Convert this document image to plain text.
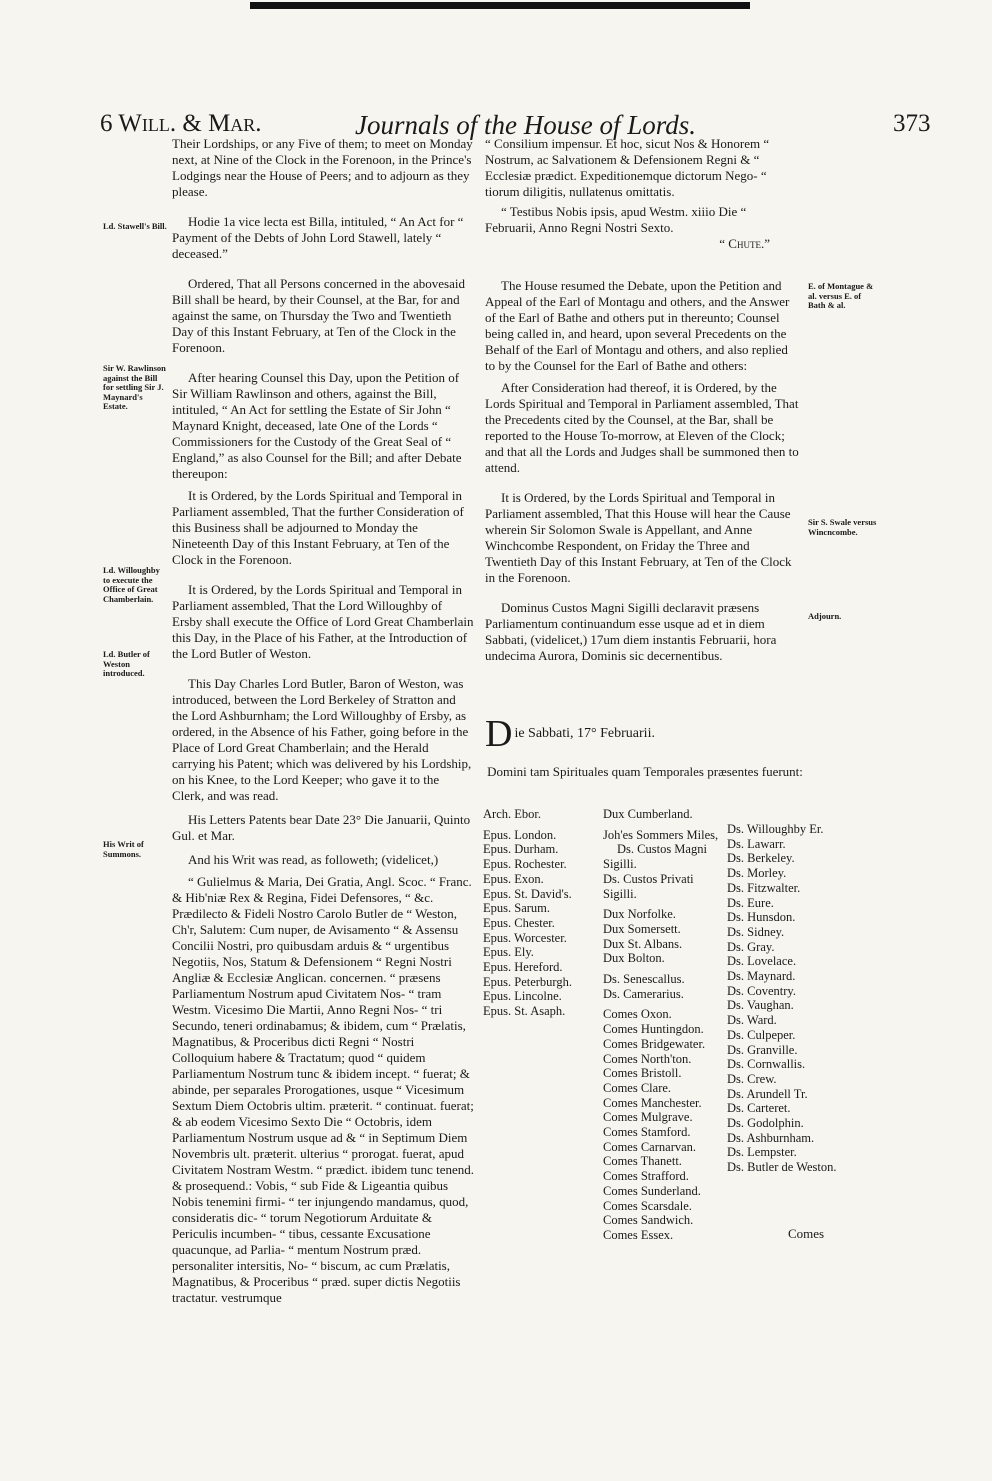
6 Will. & Mar.	Journals of the House of Lords.	373

Their Lordships, or any Five of them; to meet on Monday next, at Nine of the Clock in the Forenoon, in the Prince's Lodgings near the House of Peers; and to adjourn as they please.

Hodie 1a vice lecta est Billa, intituled, “ An Act for “ Payment of the Debts of John Lord Stawell, lately “ deceased.”

Ordered, That all Persons concerned in the abovesaid Bill shall be heard, by their Counsel, at the Bar, for and against the same, on Thursday the Two and Twentieth Day of this Instant February, at Ten of the Clock in the Forenoon.

After hearing Counsel this Day, upon the Petition of Sir William Rawlinson and others, against the Bill, intituled, “ An Act for settling the Estate of Sir John “ Maynard Knight, deceased, late One of the Lords “ Commissioners for the Custody of the Great Seal of “ England,” as also Counsel for the Bill; and after Debate thereupon:

It is Ordered, by the Lords Spiritual and Temporal in Parliament assembled, That the further Consideration of this Business shall be adjourned to Monday the Nineteenth Day of this Instant February, at Ten of the Clock in the Forenoon.

It is Ordered, by the Lords Spiritual and Temporal in Parliament assembled, That the Lord Willoughby of Ersby shall execute the Office of Lord Great Chamberlain this Day, in the Place of his Father, at the Introduction of the Lord Butler of Weston.

This Day Charles Lord Butler, Baron of Weston, was introduced, between the Lord Berkeley of Stratton and the Lord Ashburnham; the Lord Willoughby of Ersby, as ordered, in the Absence of his Father, going before in the Place of Lord Great Chamberlain; and the Herald carrying his Patent; which was delivered by his Lordship, on his Knee, to the Lord Keeper; who gave it to the Clerk, and was read.

His Letters Patents bear Date 23° Die Januarii, Quinto Gul. et Mar.

And his Writ was read, as followeth; (videlicet,)

“ Gulielmus & Maria, Dei Gratia, Angl. Scoc. “ Franc. & Hib'niæ Rex & Regina, Fidei Defensores, “ &c. Prædilecto & Fideli Nostro Carolo Butler de “ Weston, Ch'r, Salutem: Cum nuper, de Avisamento “ & Assensu Concilii Nostri, pro quibusdam arduis & “ urgentibus Negotiis, Nos, Statum & Defensionem “ Regni Nostri Angliæ & Ecclesiæ Anglican. concernen. “ præsens Parliamentum Nostrum apud Civitatem Nos- “ tram Westm. Vicesimo Die Martii, Anno Regni Nos- “ tri Secundo, teneri ordinabamus; & ibidem, cum “ Prælatis, Magnatibus, & Proceribus dicti Regni “ Nostri Colloquium habere & Tractatum; quod “ quidem Parliamentum Nostrum tunc & ibidem incept. “ fuerat; & abinde, per separales Prorogationes, usque “ Vicesimum Sextum Diem Octobris ultim. præterit. “ continuat. fuerat; & ab eodem Vicesimo Sexto Die “ Octobris, idem Parliamentum Nostrum usque ad & “ in Septimum Diem Novembris ult. præterit. ulterius “ prorogat. fuerat, apud Civitatem Nostram Westm. “ prædict. ibidem tunc tenend. & prosequend.: Vobis, “ sub Fide & Ligeantia quibus Nobis tenemini firmi- “ ter injungendo mandamus, quod, consideratis dic- “ torum Negotiorum Arduitate & Periculis incumben- “ tibus, cessante Excusatione quacunque, ad Parlia- “ mentum Nostrum præd. personaliter intersitis, No- “ biscum, ac cum Prælatis, Magnatibus, & Proceribus “ præd. super dictis Negotiis tractatur. vestrumque

Ld. Stawell's Bill.
Sir W. Rawlinson against the Bill for settling Sir J. Maynard's Estate.
Ld. Willoughby to execute the Office of Great Chamberlain.
Ld. Butler of Weston introduced.
His Writ of Summons.

“ Consilium impensur. Et hoc, sicut Nos & Honorem “ Nostrum, ac Salvationem & Defensionem Regni & “ Ecclesiæ prædict. Expeditionemque dictorum Nego- “ tiorum diligitis, nullatenus omittatis.

“ Testibus Nobis ipsis, apud Westm. xiiio Die “ Februarii, Anno Regni Nostri Sexto.

“ Chute.”

The House resumed the Debate, upon the Petition and Appeal of the Earl of Montagu and others, and the Answer of the Earl of Bathe and others put in thereunto; Counsel being called in, and heard, upon several Precedents on the Behalf of the Earl of Montagu and others, and also replied to by the Counsel for the Earl of Bathe and others:

After Consideration had thereof, it is Ordered, by the Lords Spiritual and Temporal in Parliament assembled, That the Precedents cited by the Counsel, at the Bar, shall be reported to the House To-morrow, at Eleven of the Clock; and that all the Lords and Judges shall be summoned then to attend.

It is Ordered, by the Lords Spiritual and Temporal in Parliament assembled, That this House will hear the Cause wherein Sir Solomon Swale is Appellant, and Anne Winchcombe Respondent, on Friday the Three and Twentieth Day of this Instant February, at Ten of the Clock in the Forenoon.

Dominus Custos Magni Sigilli declaravit præsens Parliamentum continuandum esse usque ad et in diem Sabbati, (videlicet,) 17um diem instantis Februarii, hora undecima Aurora, Dominis sic decernentibus.

E. of Montague & al. versus E. of Bath & al.
Sir S. Swale versus Wincncombe.
Adjourn.
D ie Sabbati, 17° Februarii.
Domini tam Spirituales quam Temporales præsentes fuerunt:
Arch. Ebor.
Epus. London.
Epus. Durham.
Epus. Rochester.
Epus. Exon.
Epus. St. David's.
Epus. Sarum.
Epus. Chester.
Epus. Worcester.
Epus. Ely.
Epus. Hereford.
Epus. Peterburgh.
Epus. Lincolne.
Epus. St. Asaph.
Dux Cumberland.
Joh'es Sommers Miles,
Ds. Custos Magni
Sigilli.
Ds. Custos Privati
Sigilli.
Dux Norfolke.
Dux Somersett.
Dux St. Albans.
Dux Bolton.
Ds. Senescallus.
Ds. Camerarius.
Comes Oxon.
Comes Huntingdon.
Comes Bridgewater.
Comes North'ton.
Comes Bristoll.
Comes Clare.
Comes Manchester.
Comes Mulgrave.
Comes Stamford.
Comes Carnarvan.
Comes Thanett.
Comes Strafford.
Comes Sunderland.
Comes Scarsdale.
Comes Sandwich.
Comes Essex.
Ds. Willoughby Er.
Ds. Lawarr.
Ds. Berkeley.
Ds. Morley.
Ds. Fitzwalter.
Ds. Eure.
Ds. Hunsdon.
Ds. Sidney.
Ds. Gray.
Ds. Lovelace.
Ds. Maynard.
Ds. Coventry.
Ds. Vaughan.
Ds. Ward.
Ds. Culpeper.
Ds. Granville.
Ds. Cornwallis.
Ds. Crew.
Ds. Arundell Tr.
Ds. Carteret.
Ds. Godolphin.
Ds. Ashburnham.
Ds. Lempster.
Ds. Butler de Weston.
Comes
